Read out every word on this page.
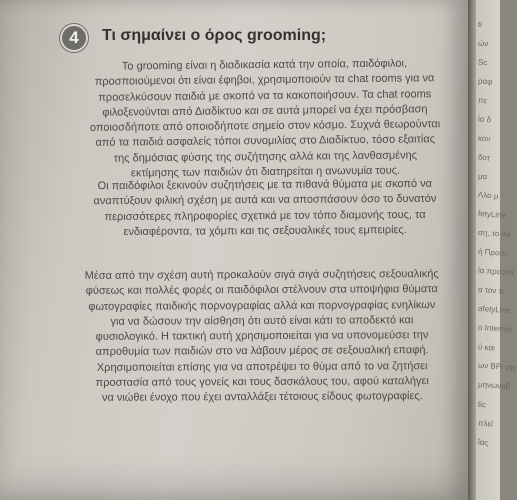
4	Τι σημαίνει ο όρος grooming;

Το grooming είναι η διαδικασία κατά την οποία, παιδόφιλοι,
προσποιούμενοι ότι είναι έφηβοι, χρησιμοποιούν τα chat rooms για να
προσελκύσουν παιδιά με σκοπό να τα κακοποιήσουν. Τα chat rooms
φιλοξενούνται από Διαδίκτυο και σε αυτά μπορεί να έχει πρόσβαση
οποιοσδήποτε από οποιοδήποτε σημείο στον κόσμο. Συχνά θεωρούνται
από τα παιδιά ασφαλείς τόποι συνομιλίας στο Διαδίκτυο, τόσο εξαιτίας
της δημόσιας φύσης της συζήτησης αλλά και της λανθασμένης
εκτίμησης των παιδιών ότι διατηρείται η ανωνυμία τους.

Οι παιδόφιλοι ξεκινούν συζητήσεις με τα πιθανά θύματα με σκοπό να
αναπτύξουν φιλική σχέση με αυτά και να αποσπάσουν όσο το δυνατόν
περισσότερες πληροφορίες σχετικά με τον τόπο διαμονής τους, τα
ενδιαφέροντα, τα χόμπι και τις σεξουαλικές τους εμπειρίες.

Μέσα από την σχέση αυτή προκαλούν σιγά σιγά συζητήσεις σεξουαλικής
φύσεως και πολλές φορές οι παιδόφιλοι στέλνουν στα υποψήφια θύματα
φωτογραφίες παιδικής πορνογραφίας αλλά και πορνογραφίας ενηλίκων
για να δώσουν την αίσθηση ότι αυτό είναι κάτι το αποδεκτό και
φυσιολογικό. Η τακτική αυτή χρησιμοποιείται για να υπονομεύσει την
απροθυμία των παιδιών στο να λάβουν μέρος σε σεξουαλική επαφή.
Χρησιμοποιείται επίσης για να αποτρέψει το θύμα από το να ζητήσει
προστασία από τους γονείς και τους δασκάλους του, αφού καταλήγει
να νιώθει ένοχο που έχει ανταλλάξει τέτοιους είδους φωτογραφίες.

ti
ών
Sc
ραφ
πε
ία δ
κον
δοτ
μα
Λλο μ
fetyLine
ση, το Ακ
ή Προστ
ία προστα
α τον π
afetyLine
ο Internet
ύ και
ων ΒΡι της
μηνωνοβ
tic
πλεί
ΐας
